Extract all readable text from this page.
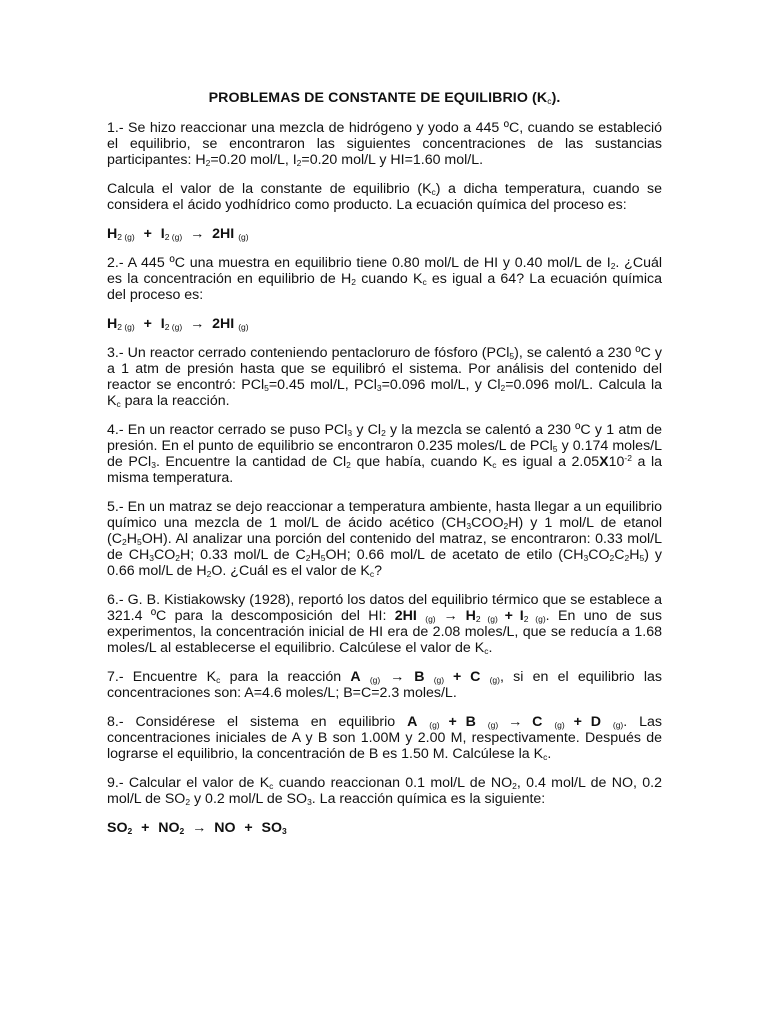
PROBLEMAS DE CONSTANTE DE EQUILIBRIO $(K_c)$.

1.- Se hizo reaccionar una mezcla de hidrógeno y yodo a 445 ºC, cuando se estableció el equilibrio, se encontraron las siguientes concentraciones de las sustancias participantes: $H_2=0.20$ mol/L, $I_2=0.20$ mol/L y HI=1.60 mol/L.

Calcula el valor de la constante de equilibrio $(K_c)$ a dicha temperatura, cuando se considera el ácido yodhídrico como producto. La ecuación química del proceso es:

$H_{2 (g)} + I_{2 (g)} \to 2HI$ $_{(g)}$

2.- A 445 ºC una muestra en equilibrio tiene 0.80 mol/L de HI y 0.40 mol/L de $I_2$. ¿Cuál es la concentración en equilibrio de $H_2$ cuando $K_c$ es igual a 64? La ecuación química del proceso es:

$H_{2 (g)} + I_{2 (g)} \to 2HI$ $_{(g)}$

3.- Un reactor cerrado conteniendo pentacloruro de fósforo (PCl$_5$), se calentó a 230 ºC y a 1 atm de presión hasta que se equilibró el sistema. Por análisis del contenido del reactor se encontró: PCl$_5$=0.45 mol/L, PCl$_3$=0.096 mol/L, y $Cl_2=0.096$ mol/L. Calcula la $K_c$ para la reacción.

4.- En un reactor cerrado se puso PCl$_3$ y $Cl_2$ y la mezcla se calentó a 230 ºC y 1 atm de presión. En el punto de equilibrio se encontraron 0.235 moles/L de PCl$_5$ y 0.174 moles/L de PCl$_3$. Encuentre la cantidad de $Cl_2$ que había, cuando $K_c$ es igual a $2.05X10^{-2}$ a la misma temperatura.

5.- En un matraz se dejo reaccionar a temperatura ambiente, hasta llegar a un equilibrio químico una mezcla de 1 mol/L de ácido acético $(CH_3COO_2H)$ y 1 mol/L de etanol $(C_2H_5OH)$. Al analizar una porción del contenido del matraz, se encontraron: 0.33 mol/L de $CH_3CO_2H$; 0.33 mol/L de $C_2H_5OH$; 0.66 mol/L de acetato de etilo $(CH_3CO_2C_2H_5)$ y 0.66 mol/L de $H_2O$. ¿Cuál es el valor de $K_c$?

6.- G. B. Kistiakowsky (1928), reportó los datos del equilibrio térmico que se establece a 321.4 ºC para la descomposición del HI: 2HI $_{(g)} \to H_{2 (g)} + I_{2 (g)}$. En uno de sus experimentos, la concentración inicial de HI era de 2.08 moles/L, que se reducía a 1.68 moles/L al establecerse el equilibrio. Calcúlese el valor de $K_c$.

7.- Encuentre $K_c$ para la reacción A $_{(g)}$ → B $_{(g)}$ + C $_{(g)}$, si en el equilibrio las concentraciones son: A=4.6 moles/L; B=C=2.3 moles/L.

8.- Considérese el sistema en equilibrio A $_{(g)}$ + B $_{(g)}$ → C $_{(g)}$ + D $_{(g)}$. Las concentraciones iniciales de A y B son 1.00M y 2.00 M, respectivamente. Después de lograrse el equilibrio, la concentración de B es 1.50 M. Calcúlese la $K_c$.

9.- Calcular el valor de $K_c$ cuando reaccionan 0.1 mol/L de $NO_2$, 0.4 mol/L de NO, 0.2 mol/L de $SO_2$ y 0.2 mol/L de $SO_3$. La reacción química es la siguiente:

$SO_2 + NO_2$ → NO + $SO_3$
